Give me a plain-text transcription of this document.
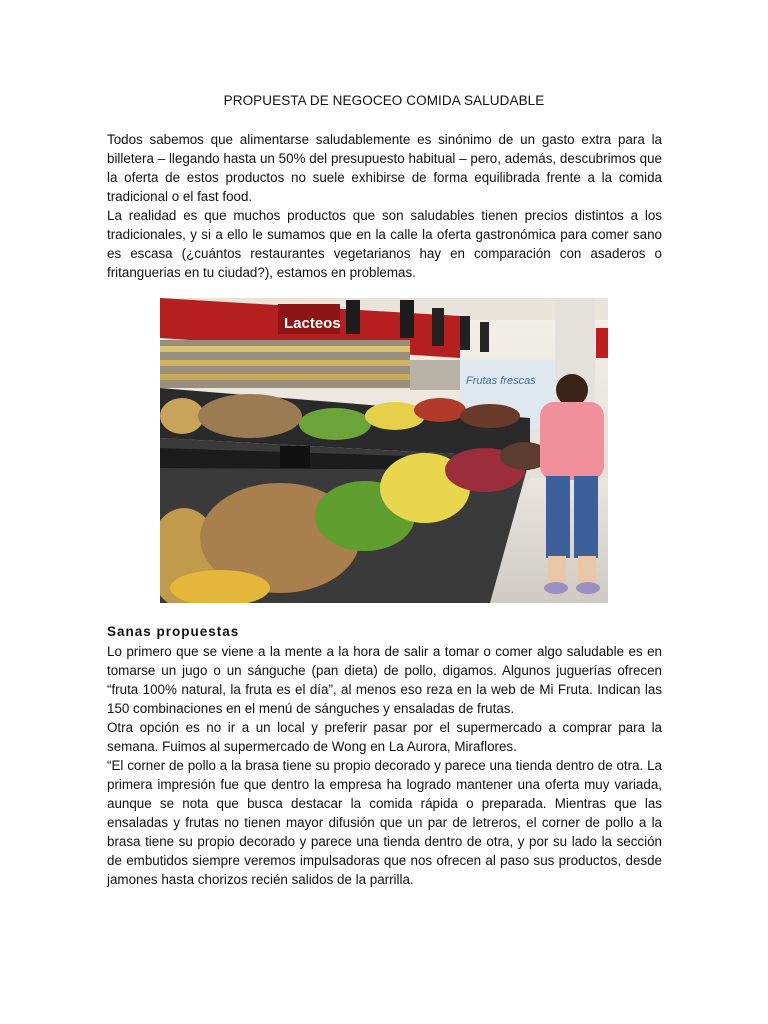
PROPUESTA DE NEGOCEO COMIDA SALUDABLE

Todos sabemos que alimentarse saludablemente es sinónimo de un gasto extra para la billetera – llegando hasta un 50% del presupuesto habitual – pero, además, descubrimos que la oferta de estos productos no suele exhibirse de forma equilibrada frente a la comida tradicional o el fast food.

La realidad es que muchos productos que son saludables tienen precios distintos a los tradicionales, y si a ello le sumamos que en la calle la oferta gastronómica para comer sano es escasa (¿cuántos restaurantes vegetarianos hay en comparación con asaderos o fritanguerias en tu ciudad?), estamos en problemas.

Lacteos
Frutas frescas
Sanas propuestas

Lo primero que se viene a la mente a la hora de salir a tomar o comer algo saludable es en tomarse un jugo o un sánguche (pan dieta) de pollo, digamos. Algunos juguerías ofrecen “fruta 100% natural, la fruta es el día”, al menos eso reza en la web de Mi Fruta. Indican las 150 combinaciones en el menú de sánguches y ensaladas de frutas.

Otra opción es no ir a un local y preferir pasar por el supermercado a comprar para la semana. Fuimos al supermercado de Wong en La Aurora, Miraflores.

“El corner de pollo a la brasa tiene su propio decorado y parece una tienda dentro de otra. La primera impresión fue que dentro la empresa ha logrado mantener una oferta muy variada, aunque se nota que busca destacar la comida rápida o preparada. Mientras que las ensaladas y frutas no tienen mayor difusión que un par de letreros, el corner de pollo a la brasa tiene su propio decorado y parece una tienda dentro de otra, y por su lado la sección de embutidos siempre veremos impulsadoras que nos ofrecen al paso sus productos, desde jamones hasta chorizos recién salidos de la parrilla.
